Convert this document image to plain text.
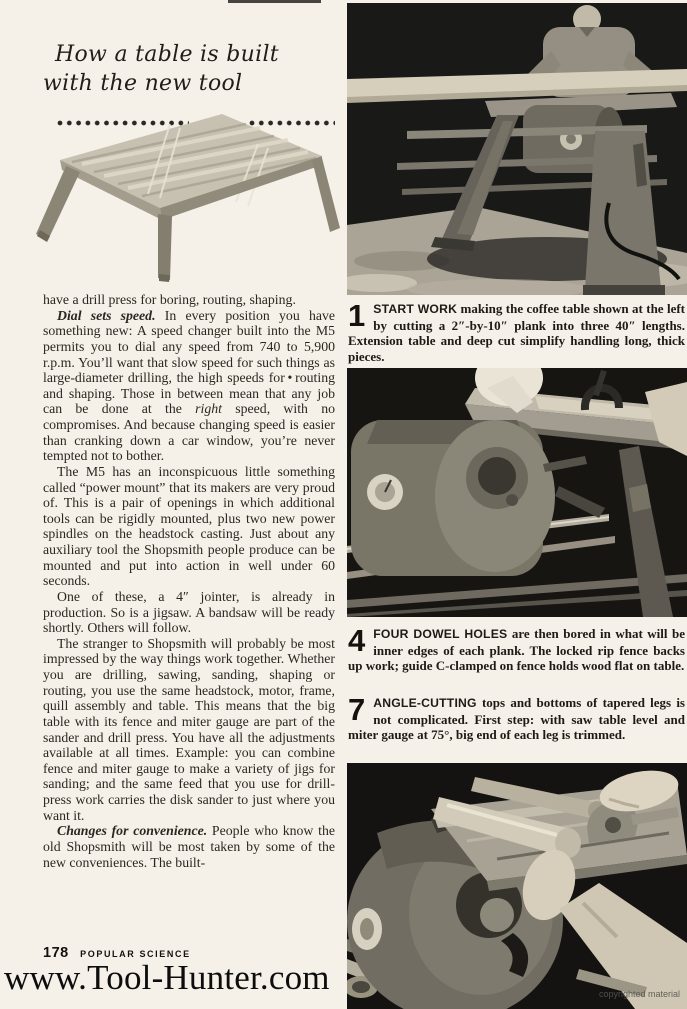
How a table is built
with the new tool

have a drill press for boring, routing, shaping.

Dial sets speed. In every position you have something new: A speed changer built into the M5 permits you to dial any speed from 740 to 5,900 r.p.m. You’ll want that slow speed for such things as large-diameter drilling, the high speeds for • routing and shaping. Those in between mean that any job can be done at the right speed, with no compromises. And because changing speed is easier than cranking down a car window, you’re never tempted not to bother.

The M5 has an inconspicuous little something called “power mount” that its makers are very proud of. This is a pair of openings in which additional tools can be rigidly mounted, plus two new power spindles on the headstock casting. Just about any auxiliary tool the Shopsmith people produce can be mounted and put into action in well under 60 seconds.

One of these, a 4″ jointer, is already in production. So is a jigsaw. A bandsaw will be ready shortly. Others will follow.

The stranger to Shopsmith will probably be most impressed by the way things work together. Whether you are drilling, sawing, sanding, shaping or routing, you use the same headstock, motor, frame, quill assembly and table. This means that the big table with its fence and miter gauge are part of the sander and drill press. You have all the adjustments available at all times. Example: you can combine fence and miter gauge to make a variety of jigs for sanding; and the same feed that you use for drill-press work carries the disk sander to just where you want it.

Changes for convenience. People who know the old Shopsmith will be most taken by some of the new conveniences. The built-

1 START WORK making the coffee table shown at the left by cutting a 2″-by-10″ plank into three 40″ lengths. Extension table and deep cut simplify handling long, thick pieces.
4 FOUR DOWEL HOLES are then bored in what will be inner edges of each plank. The locked rip fence backs up work; guide C-clamped on fence holds wood flat on table.
7 ANGLE-CUTTING tops and bottoms of tapered legs is not complicated. First step: with saw table level and miter gauge at 75°, big end of each leg is trimmed.
copyrighted material
178 POPULAR SCIENCE
www.Tool-Hunter.com
